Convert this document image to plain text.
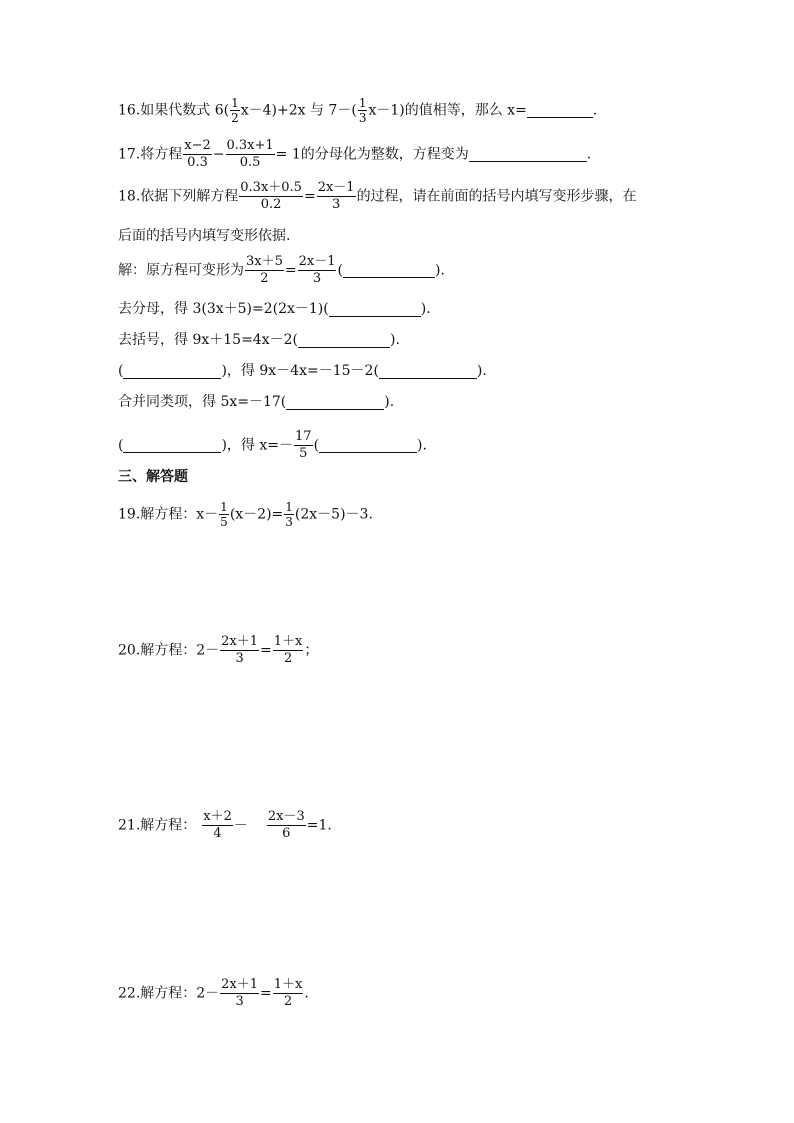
16.如果代数式 $6( \frac{1}{2} x-4)+2x$ 与 $7-( \frac{1}{3} x-1)$的值相等，那么 x=	.
17.将方程 $\frac{x-2}{0.3} - \frac{0.3x+1}{0.5} = 1$的分母化为整数，方程变为	.
18.依据下列解方程 $\frac{0.3x+0.5}{0.2} = \frac{2x-1}{3}$ 的过程，请在前面的括号内填写变形步骤，在
后面的括号内填写变形依据.
解：原方程可变形为 $\frac{3x+5}{2} = \frac{2x-1}{3}$ (	).
去分母，得 3(3x＋5)=2(2x－1)(	).
去括号，得 9x＋15=4x－2(	).
(	)，得 9x－4x=－15－2(	).
合并同类项，得 5x=－17(	).
(	)，得 $x=- \frac{17}{5}$ (	).
三、解答题
19.解方程：$x- \frac{1}{5} (x-2)= \frac{1}{3} (2x-5)-3$.
20.解方程：$2- \frac{2x+1}{3} = \frac{1+x}{2}$ ；
21.解方程： $\frac{x+2}{4} - \frac{2x-3}{6} =1$.
22.解方程：$2- \frac{2x+1}{3} = \frac{1+x}{2}$ .
